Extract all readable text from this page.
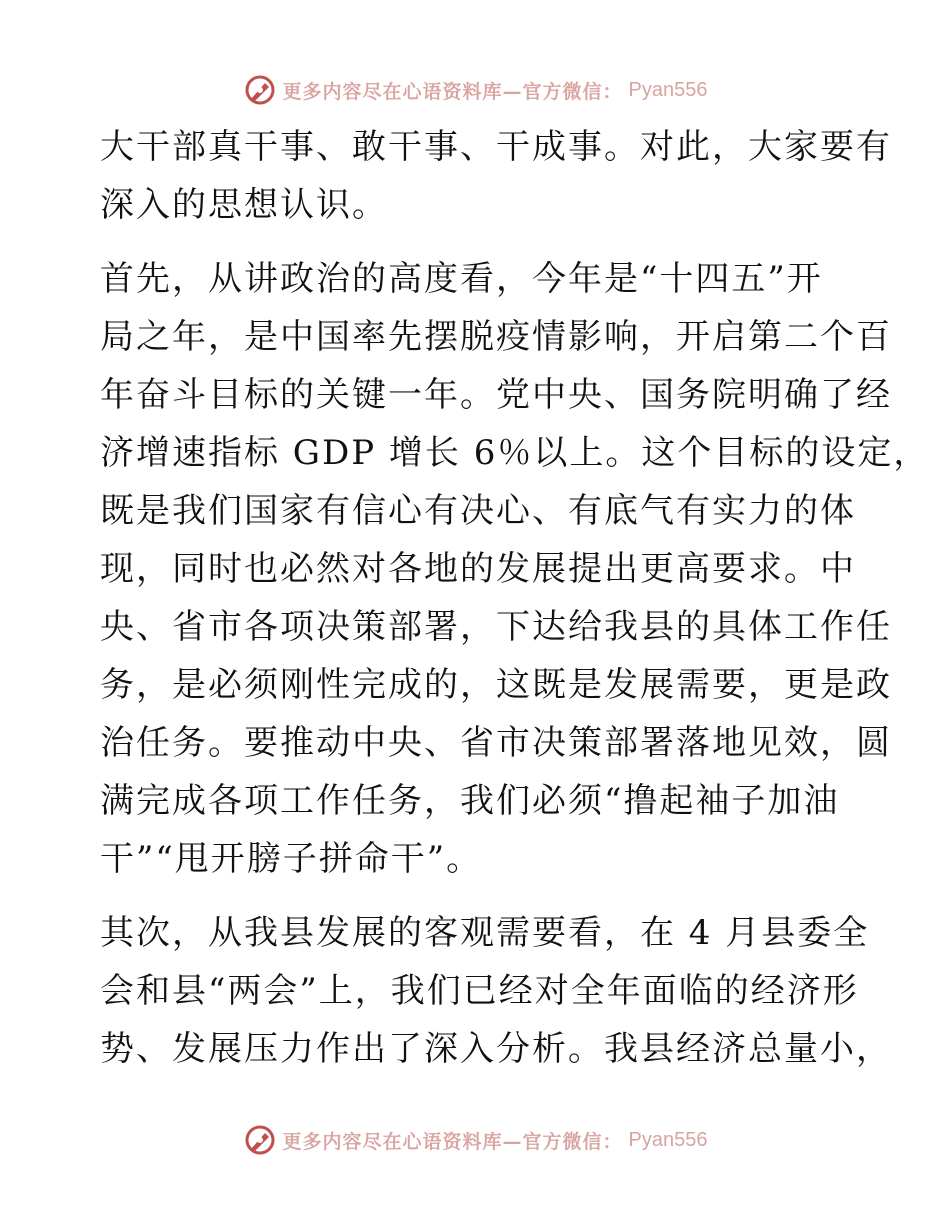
更多内容尽在心语资料库—官方微信： Pyan556

大干部真干事、敢干事、干成事。对此，大家要有
深入的思想认识。

首先，从讲政治的高度看，今年是“十四五”开
局之年，是中国率先摆脱疫情影响，开启第二个百
年奋斗目标的关键一年。党中央、国务院明确了经
济增速指标 GDP 增长 6％以上。这个目标的设定，
既是我们国家有信心有决心、有底气有实力的体
现，同时也必然对各地的发展提出更高要求。中
央、省市各项决策部署，下达给我县的具体工作任
务，是必须刚性完成的，这既是发展需要，更是政
治任务。要推动中央、省市决策部署落地见效，圆
满完成各项工作任务，我们必须“撸起袖子加油
干”“甩开膀子拼命干”。

其次，从我县发展的客观需要看，在 4 月县委全
会和县“两会”上，我们已经对全年面临的经济形
势、发展压力作出了深入分析。我县经济总量小，

更多内容尽在心语资料库—官方微信： Pyan556
